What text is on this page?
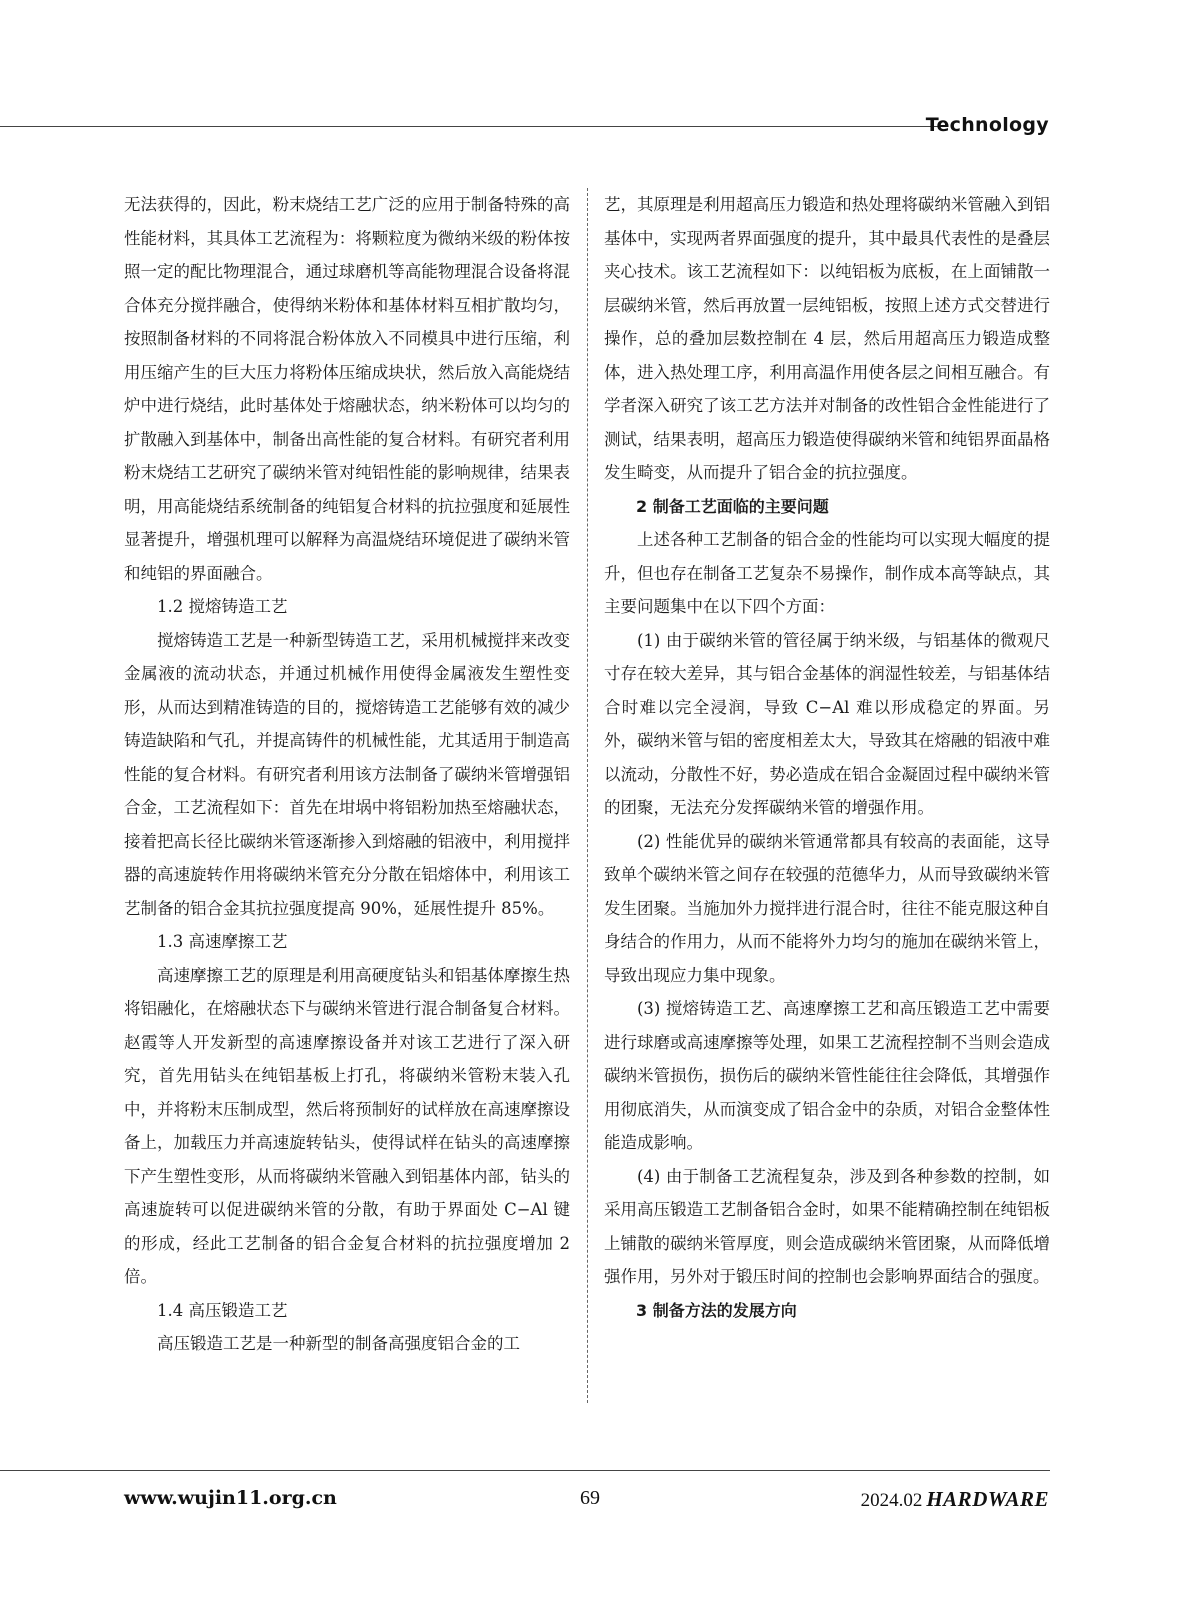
Technology

无法获得的，因此，粉末烧结工艺广泛的应用于制备特殊的高性能材料，其具体工艺流程为：将颗粒度为微纳米级的粉体按照一定的配比物理混合，通过球磨机等高能物理混合设备将混合体充分搅拌融合，使得纳米粉体和基体材料互相扩散均匀，按照制备材料的不同将混合粉体放入不同模具中进行压缩，利用压缩产生的巨大压力将粉体压缩成块状，然后放入高能烧结炉中进行烧结，此时基体处于熔融状态，纳米粉体可以均匀的扩散融入到基体中，制备出高性能的复合材料。有研究者利用粉末烧结工艺研究了碳纳米管对纯铝性能的影响规律，结果表明，用高能烧结系统制备的纯铝复合材料的抗拉强度和延展性显著提升，增强机理可以解释为高温烧结环境促进了碳纳米管和纯铝的界面融合。

1.2 搅熔铸造工艺

搅熔铸造工艺是一种新型铸造工艺，采用机械搅拌来改变金属液的流动状态，并通过机械作用使得金属液发生塑性变形，从而达到精准铸造的目的，搅熔铸造工艺能够有效的减少铸造缺陷和气孔，并提高铸件的机械性能，尤其适用于制造高性能的复合材料。有研究者利用该方法制备了碳纳米管增强铝合金，工艺流程如下：首先在坩埚中将铝粉加热至熔融状态，接着把高长径比碳纳米管逐渐掺入到熔融的铝液中，利用搅拌器的高速旋转作用将碳纳米管充分分散在铝熔体中，利用该工艺制备的铝合金其抗拉强度提高 90%，延展性提升 85%。

1.3 高速摩擦工艺

高速摩擦工艺的原理是利用高硬度钻头和铝基体摩擦生热将铝融化，在熔融状态下与碳纳米管进行混合制备复合材料。赵霞等人开发新型的高速摩擦设备并对该工艺进行了深入研究，首先用钻头在纯铝基板上打孔，将碳纳米管粉末装入孔中，并将粉末压制成型，然后将预制好的试样放在高速摩擦设备上，加载压力并高速旋转钻头，使得试样在钻头的高速摩擦下产生塑性变形，从而将碳纳米管融入到铝基体内部，钻头的高速旋转可以促进碳纳米管的分散，有助于界面处 C−Al 键的形成，经此工艺制备的铝合金复合材料的抗拉强度增加 2 倍。

1.4 高压锻造工艺

高压锻造工艺是一种新型的制备高强度铝合金的工

艺，其原理是利用超高压力锻造和热处理将碳纳米管融入到铝基体中，实现两者界面强度的提升，其中最具代表性的是叠层夹心技术。该工艺流程如下：以纯铝板为底板，在上面铺散一层碳纳米管，然后再放置一层纯铝板，按照上述方式交替进行操作，总的叠加层数控制在 4 层，然后用超高压力锻造成整体，进入热处理工序，利用高温作用使各层之间相互融合。有学者深入研究了该工艺方法并对制备的改性铝合金性能进行了测试，结果表明，超高压力锻造使得碳纳米管和纯铝界面晶格发生畸变，从而提升了铝合金的抗拉强度。

2 制备工艺面临的主要问题

上述各种工艺制备的铝合金的性能均可以实现大幅度的提升，但也存在制备工艺复杂不易操作，制作成本高等缺点，其主要问题集中在以下四个方面：

(1) 由于碳纳米管的管径属于纳米级，与铝基体的微观尺寸存在较大差异，其与铝合金基体的润湿性较差，与铝基体结合时难以完全浸润，导致 C−Al 难以形成稳定的界面。另外，碳纳米管与铝的密度相差太大，导致其在熔融的铝液中难以流动，分散性不好，势必造成在铝合金凝固过程中碳纳米管的团聚，无法充分发挥碳纳米管的增强作用。

(2) 性能优异的碳纳米管通常都具有较高的表面能，这导致单个碳纳米管之间存在较强的范德华力，从而导致碳纳米管发生团聚。当施加外力搅拌进行混合时，往往不能克服这种自身结合的作用力，从而不能将外力均匀的施加在碳纳米管上，导致出现应力集中现象。

(3) 搅熔铸造工艺、高速摩擦工艺和高压锻造工艺中需要进行球磨或高速摩擦等处理，如果工艺流程控制不当则会造成碳纳米管损伤，损伤后的碳纳米管性能往往会降低，其增强作用彻底消失，从而演变成了铝合金中的杂质，对铝合金整体性能造成影响。

(4) 由于制备工艺流程复杂，涉及到各种参数的控制，如采用高压锻造工艺制备铝合金时，如果不能精确控制在纯铝板上铺散的碳纳米管厚度，则会造成碳纳米管团聚，从而降低增强作用，另外对于锻压时间的控制也会影响界面结合的强度。

3 制备方法的发展方向
www.wujin11.org.cn	69	2024.02 HARDWARE
